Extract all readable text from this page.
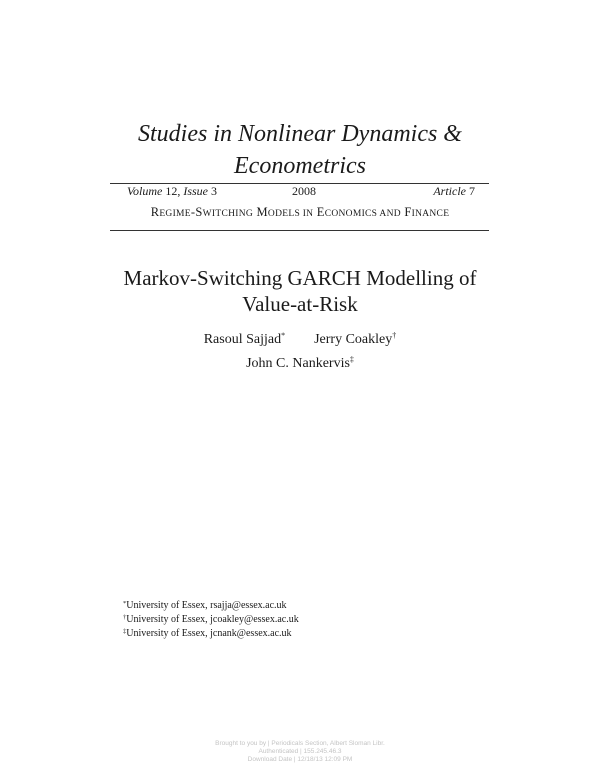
Studies in Nonlinear Dynamics &
Econometrics
Volume 12, Issue 3	2008	Article 7
REGIME-SWITCHING MODELS IN ECONOMICS AND FINANCE
Markov-Switching GARCH Modelling of
Value-at-Risk
Rasoul Sajjad* Jerry Coakley†
John C. Nankervis‡
*University of Essex, rsajja@essex.ac.uk
†University of Essex, jcoakley@essex.ac.uk
‡University of Essex, jcnank@essex.ac.uk
Brought to you by | Periodicals Section, Albert Sloman Libr.
Authenticated | 155.245.46.3
Download Date | 12/18/13 12:09 PM
